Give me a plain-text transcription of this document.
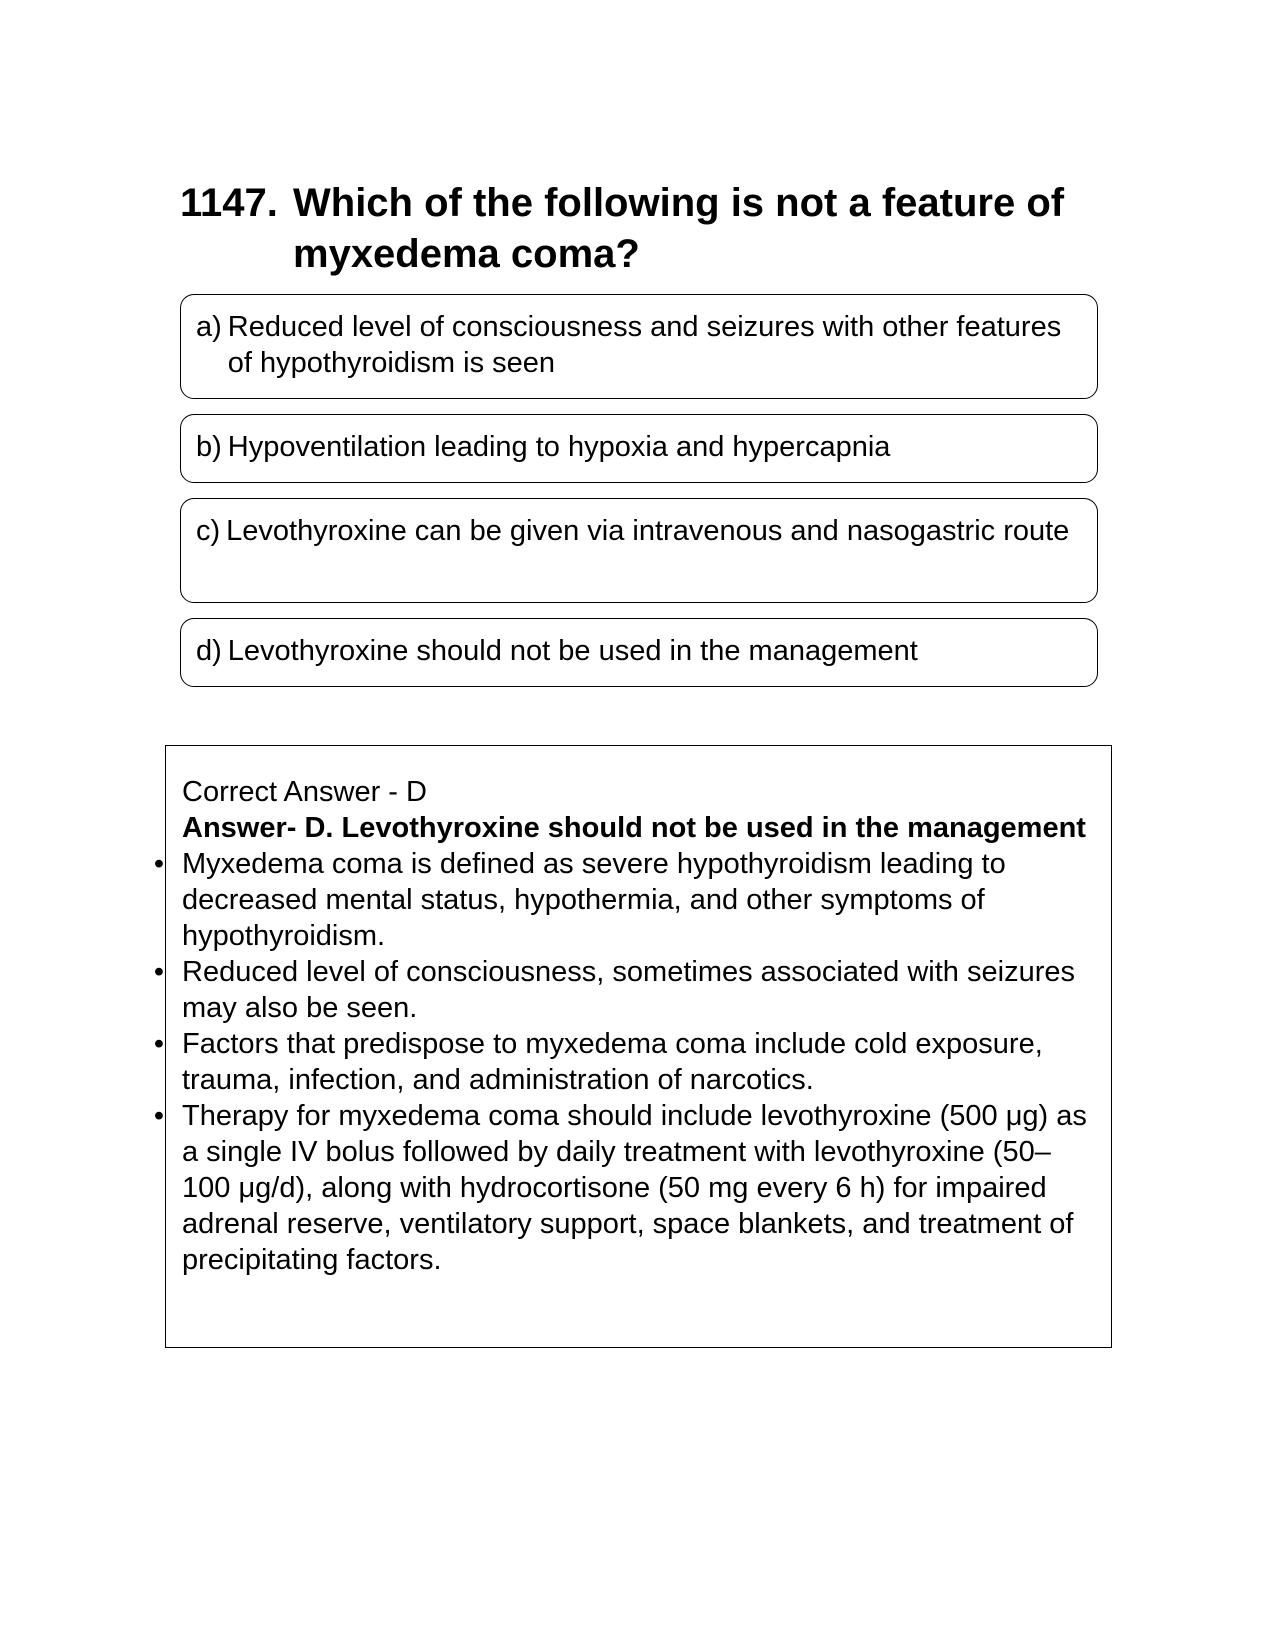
1147. Which of the following is not a feature of myxedema coma?
a) Reduced level of consciousness and seizures with other features of hypothyroidism is seen
b) Hypoventilation leading to hypoxia and hypercapnia
c) Levothyroxine can be given via intravenous and nasogastric route
d) Levothyroxine should not be used in the management
Correct Answer - D
Answer- D. Levothyroxine should not be used in the management
• Myxedema coma is defined as severe hypothyroidism leading to decreased mental status, hypothermia, and other symptoms of hypothyroidism.
• Reduced level of consciousness, sometimes associated with seizures may also be seen.
• Factors that predispose to myxedema coma include cold exposure, trauma, infection, and administration of narcotics.
• Therapy for myxedema coma should include levothyroxine (500 μg) as a single IV bolus followed by daily treatment with levothyroxine (50–100 μg/d), along with hydrocortisone (50 mg every 6 h) for impaired adrenal reserve, ventilatory support, space blankets, and treatment of precipitating factors.
